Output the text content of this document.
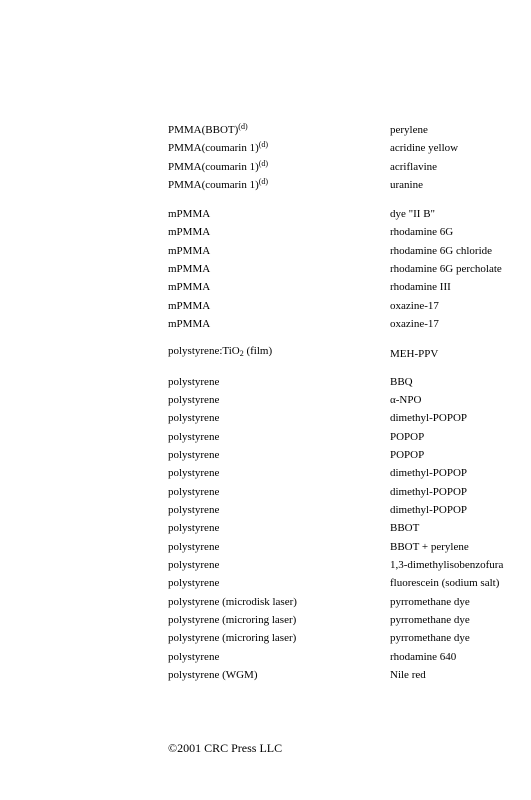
PMMA(BBOT)$^{(d)}$	perylene
PMMA(coumarin 1)$^{(d)}$	acridine yellow
PMMA(coumarin 1)$^{(d)}$	acriflavine
PMMA(coumarin 1)$^{(d)}$	uranine
mPMMA	dye "II B"
mPMMA	rhodamine 6G
mPMMA	rhodamine 6G chloride
mPMMA	rhodamine 6G percholate
mPMMA	rhodamine III
mPMMA	oxazine-17
mPMMA	oxazine-17
polystyrene:TiO$_2$ (film)	MEH-PPV
polystyrene	BBQ
polystyrene	α-NPO
polystyrene	dimethyl-POPOP
polystyrene	POPOP
polystyrene	POPOP
polystyrene	dimethyl-POPOP
polystyrene	dimethyl-POPOP
polystyrene	dimethyl-POPOP
polystyrene	BBOT
polystyrene	BBOT + perylene
polystyrene	1,3-dimethylisobenzofura
polystyrene	fluorescein (sodium salt)
polystyrene (microdisk laser)	pyrromethane dye
polystyrene (microring laser)	pyrromethane dye
polystyrene (microring laser)	pyrromethane dye
polystyrene	rhodamine 640
polystyrene (WGM)	Nile red
©2001 CRC Press LLC
